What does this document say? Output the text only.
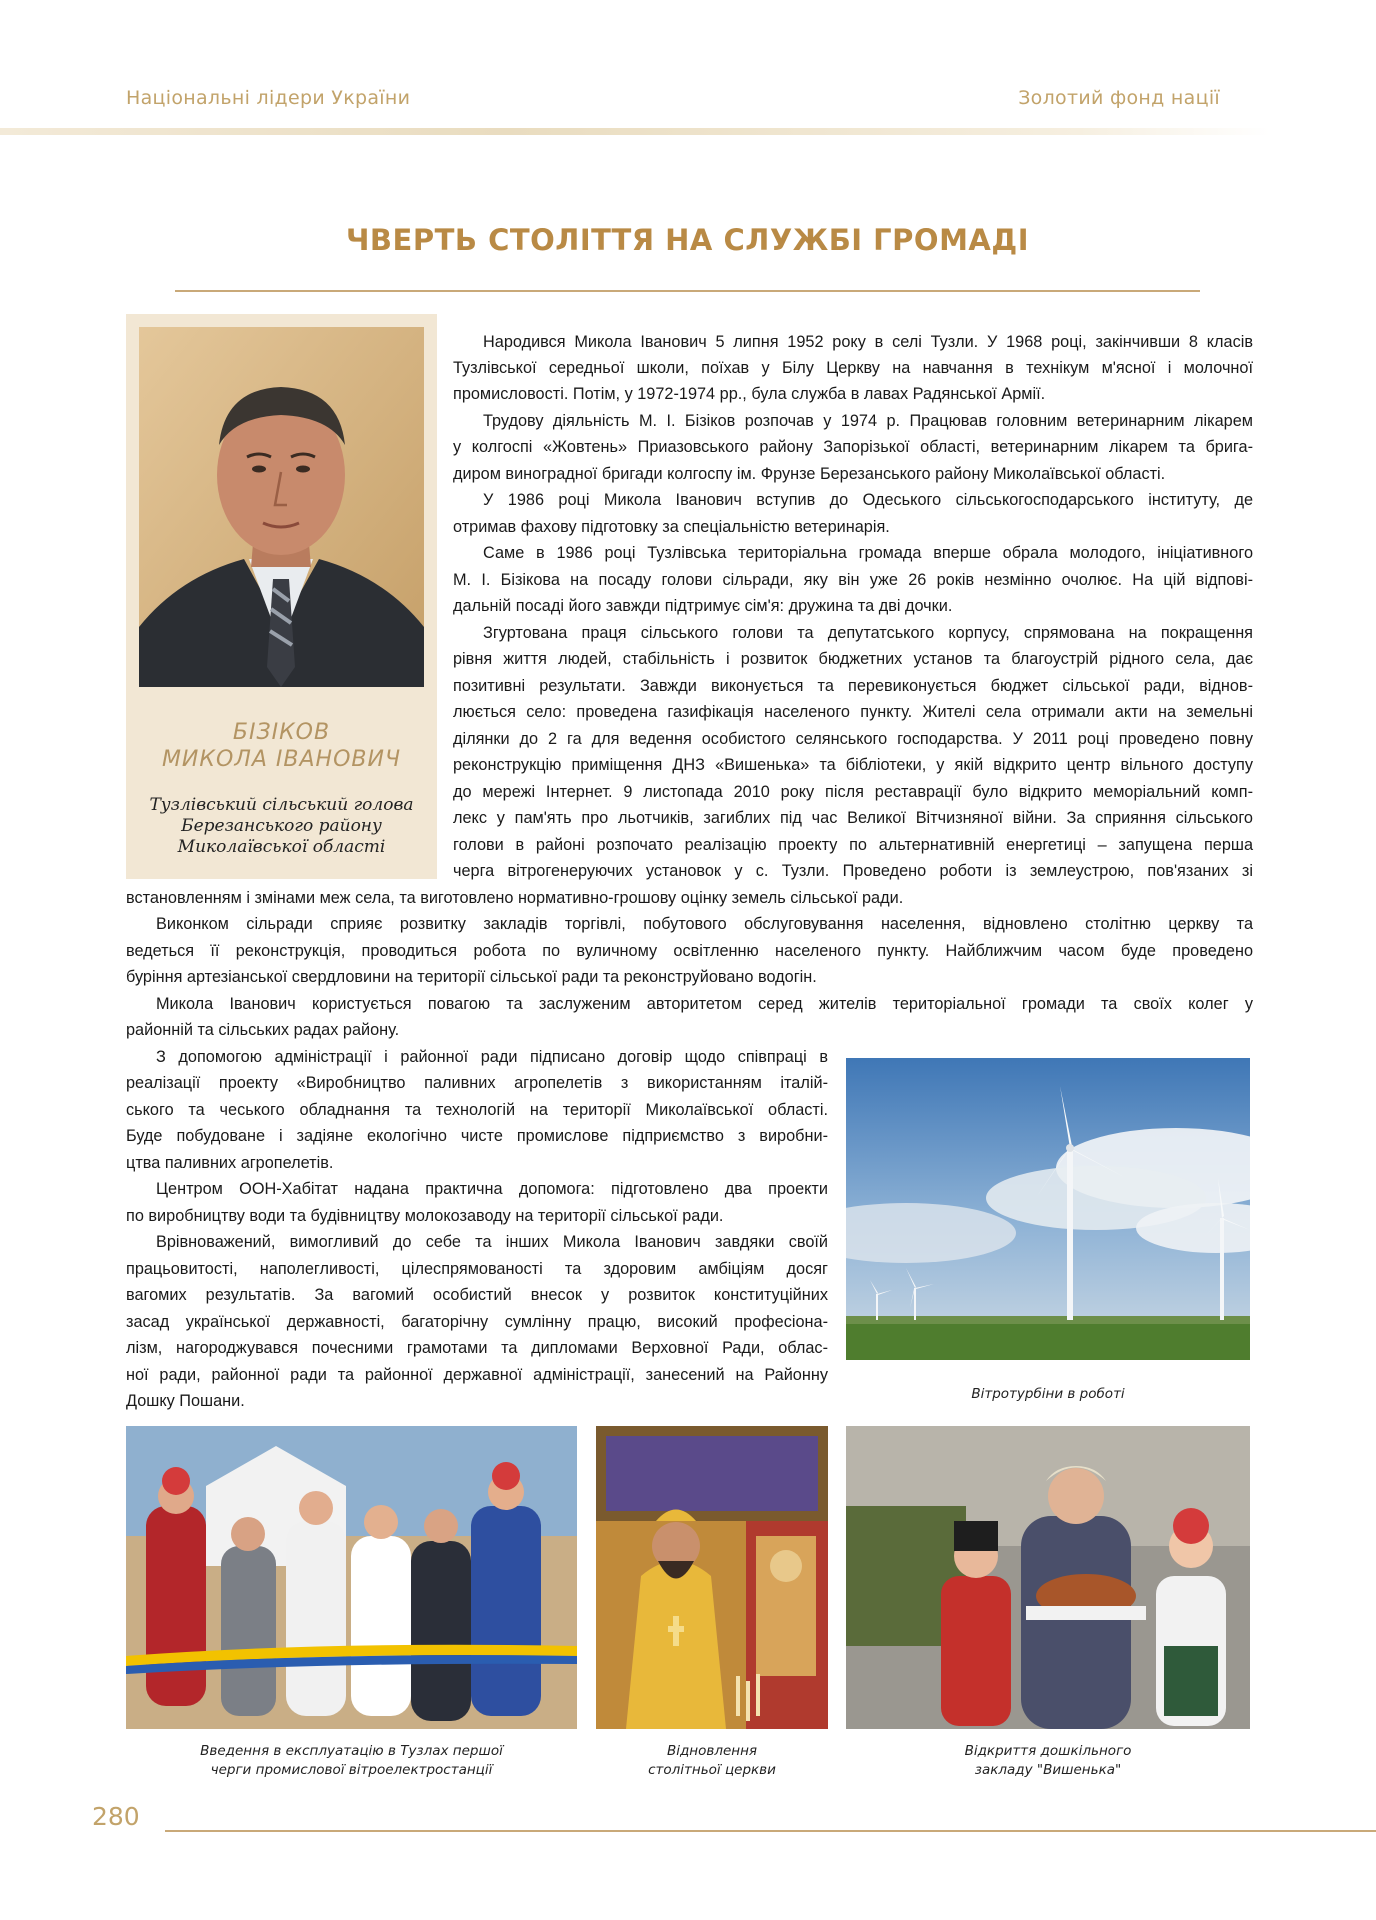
Національні лідери України	Золотий фонд нації
ЧВЕРТЬ СТОЛІТТЯ НА СЛУЖБІ ГРОМАДІ
БІЗІКОВ
МИКОЛА ІВАНОВИЧ
Тузлівський сільський голова
Березанського району
Миколаївської області
Народився Микола Іванович 5 липня 1952 року в селі Тузли. У 1968 році, закінчивши 8 класів
Тузлівської середньої школи, поїхав у Білу Церкву на навчання в технікум м'ясної і молочної
промисловості. Потім, у 1972-1974 рр., була служба в лавах Радянської Армії.
Трудову діяльність М. І. Бізіков розпочав у 1974 р. Працював головним ветеринарним лікарем
у колгоспі «Жовтень» Приазовського району Запорізької області, ветеринарним лікарем та брига-
диром виноградної бригади колгоспу ім. Фрунзе Березанського району Миколаївської області.
У 1986 році Микола Іванович вступив до Одеського сільськогосподарського інституту, де
отримав фахову підготовку за спеціальністю ветеринарія.
Саме в 1986 році Тузлівська територіальна громада вперше обрала молодого, ініціативного
М. І. Бізікова на посаду голови сільради, яку він уже 26 років незмінно очолює. На цій відпові-
дальній посаді його завжди підтримує сім'я: дружина та дві дочки.
Згуртована праця сільського голови та депутатського корпусу, спрямована на покращення
рівня життя людей, стабільність і розвиток бюджетних установ та благоустрій рідного села, дає
позитивні результати. Завжди виконується та перевиконується бюджет сільської ради, віднов-
люється село: проведена газифікація населеного пункту. Жителі села отримали акти на земельні
ділянки до 2 га для ведення особистого селянського господарства. У 2011 році проведено повну
реконструкцію приміщення ДНЗ «Вишенька» та бібліотеки, у якій відкрито центр вільного доступу
до мережі Інтернет. 9 листопада 2010 року після реставрації було відкрито меморіальний комп-
лекс у пам'ять про льотчиків, загиблих під час Великої Вітчизняної війни. За сприяння сільського
голови в районі розпочато реалізацію проекту по альтернативній енергетиці – запущена перша
черга вітрогенеруючих установок у с. Тузли. Проведено роботи із землеустрою, пов'язаних зі
встановленням і змінами меж села, та виготовлено нормативно-грошову оцінку земель сільської ради.
Виконком сільради сприяє розвитку закладів торгівлі, побутового обслуговування населення, відновлено столітню церкву та
ведеться її реконструкція, проводиться робота по вуличному освітленню населеного пункту. Найближчим часом буде проведено
буріння артезіанської свердловини на території сільської ради та реконструйовано водогін.
Микола Іванович користується повагою та заслуженим авторитетом серед жителів територіальної громади та своїх колег у
районній та сільських радах району.
З допомогою адміністрації і районної ради підписано договір щодо співпраці в
реалізації проекту «Виробництво паливних агропелетів з використанням італій-
ського та чеського обладнання та технологій на території Миколаївської області.
Буде побудоване і задіяне екологічно чисте промислове підприємство з виробни-
цтва паливних агропелетів.
Центром ООН-Хабітат надана практична допомога: підготовлено два проекти
по виробництву води та будівництву молокозаводу на території сільської ради.
Врівноважений, вимогливий до себе та інших Микола Іванович завдяки своїй
працьовитості, наполегливості, цілеспрямованості та здоровим амбіціям досяг
вагомих результатів. За вагомий особистий внесок у розвиток конституційних
засад української державності, багаторічну сумлінну працю, високий професіона-
лізм, нагороджувався почесними грамотами та дипломами Верховної Ради, облас-
ної ради, районної ради та районної державної адміністрації, занесений на Районну
Дошку Пошани.	Вітротурбіни в роботі
Введення в експлуатацію в Тузлах першої
черги промислової вітроелектростанції
Відновлення
столітньої церкви
Відкриття дошкільного
закладу "Вишенька"
280
